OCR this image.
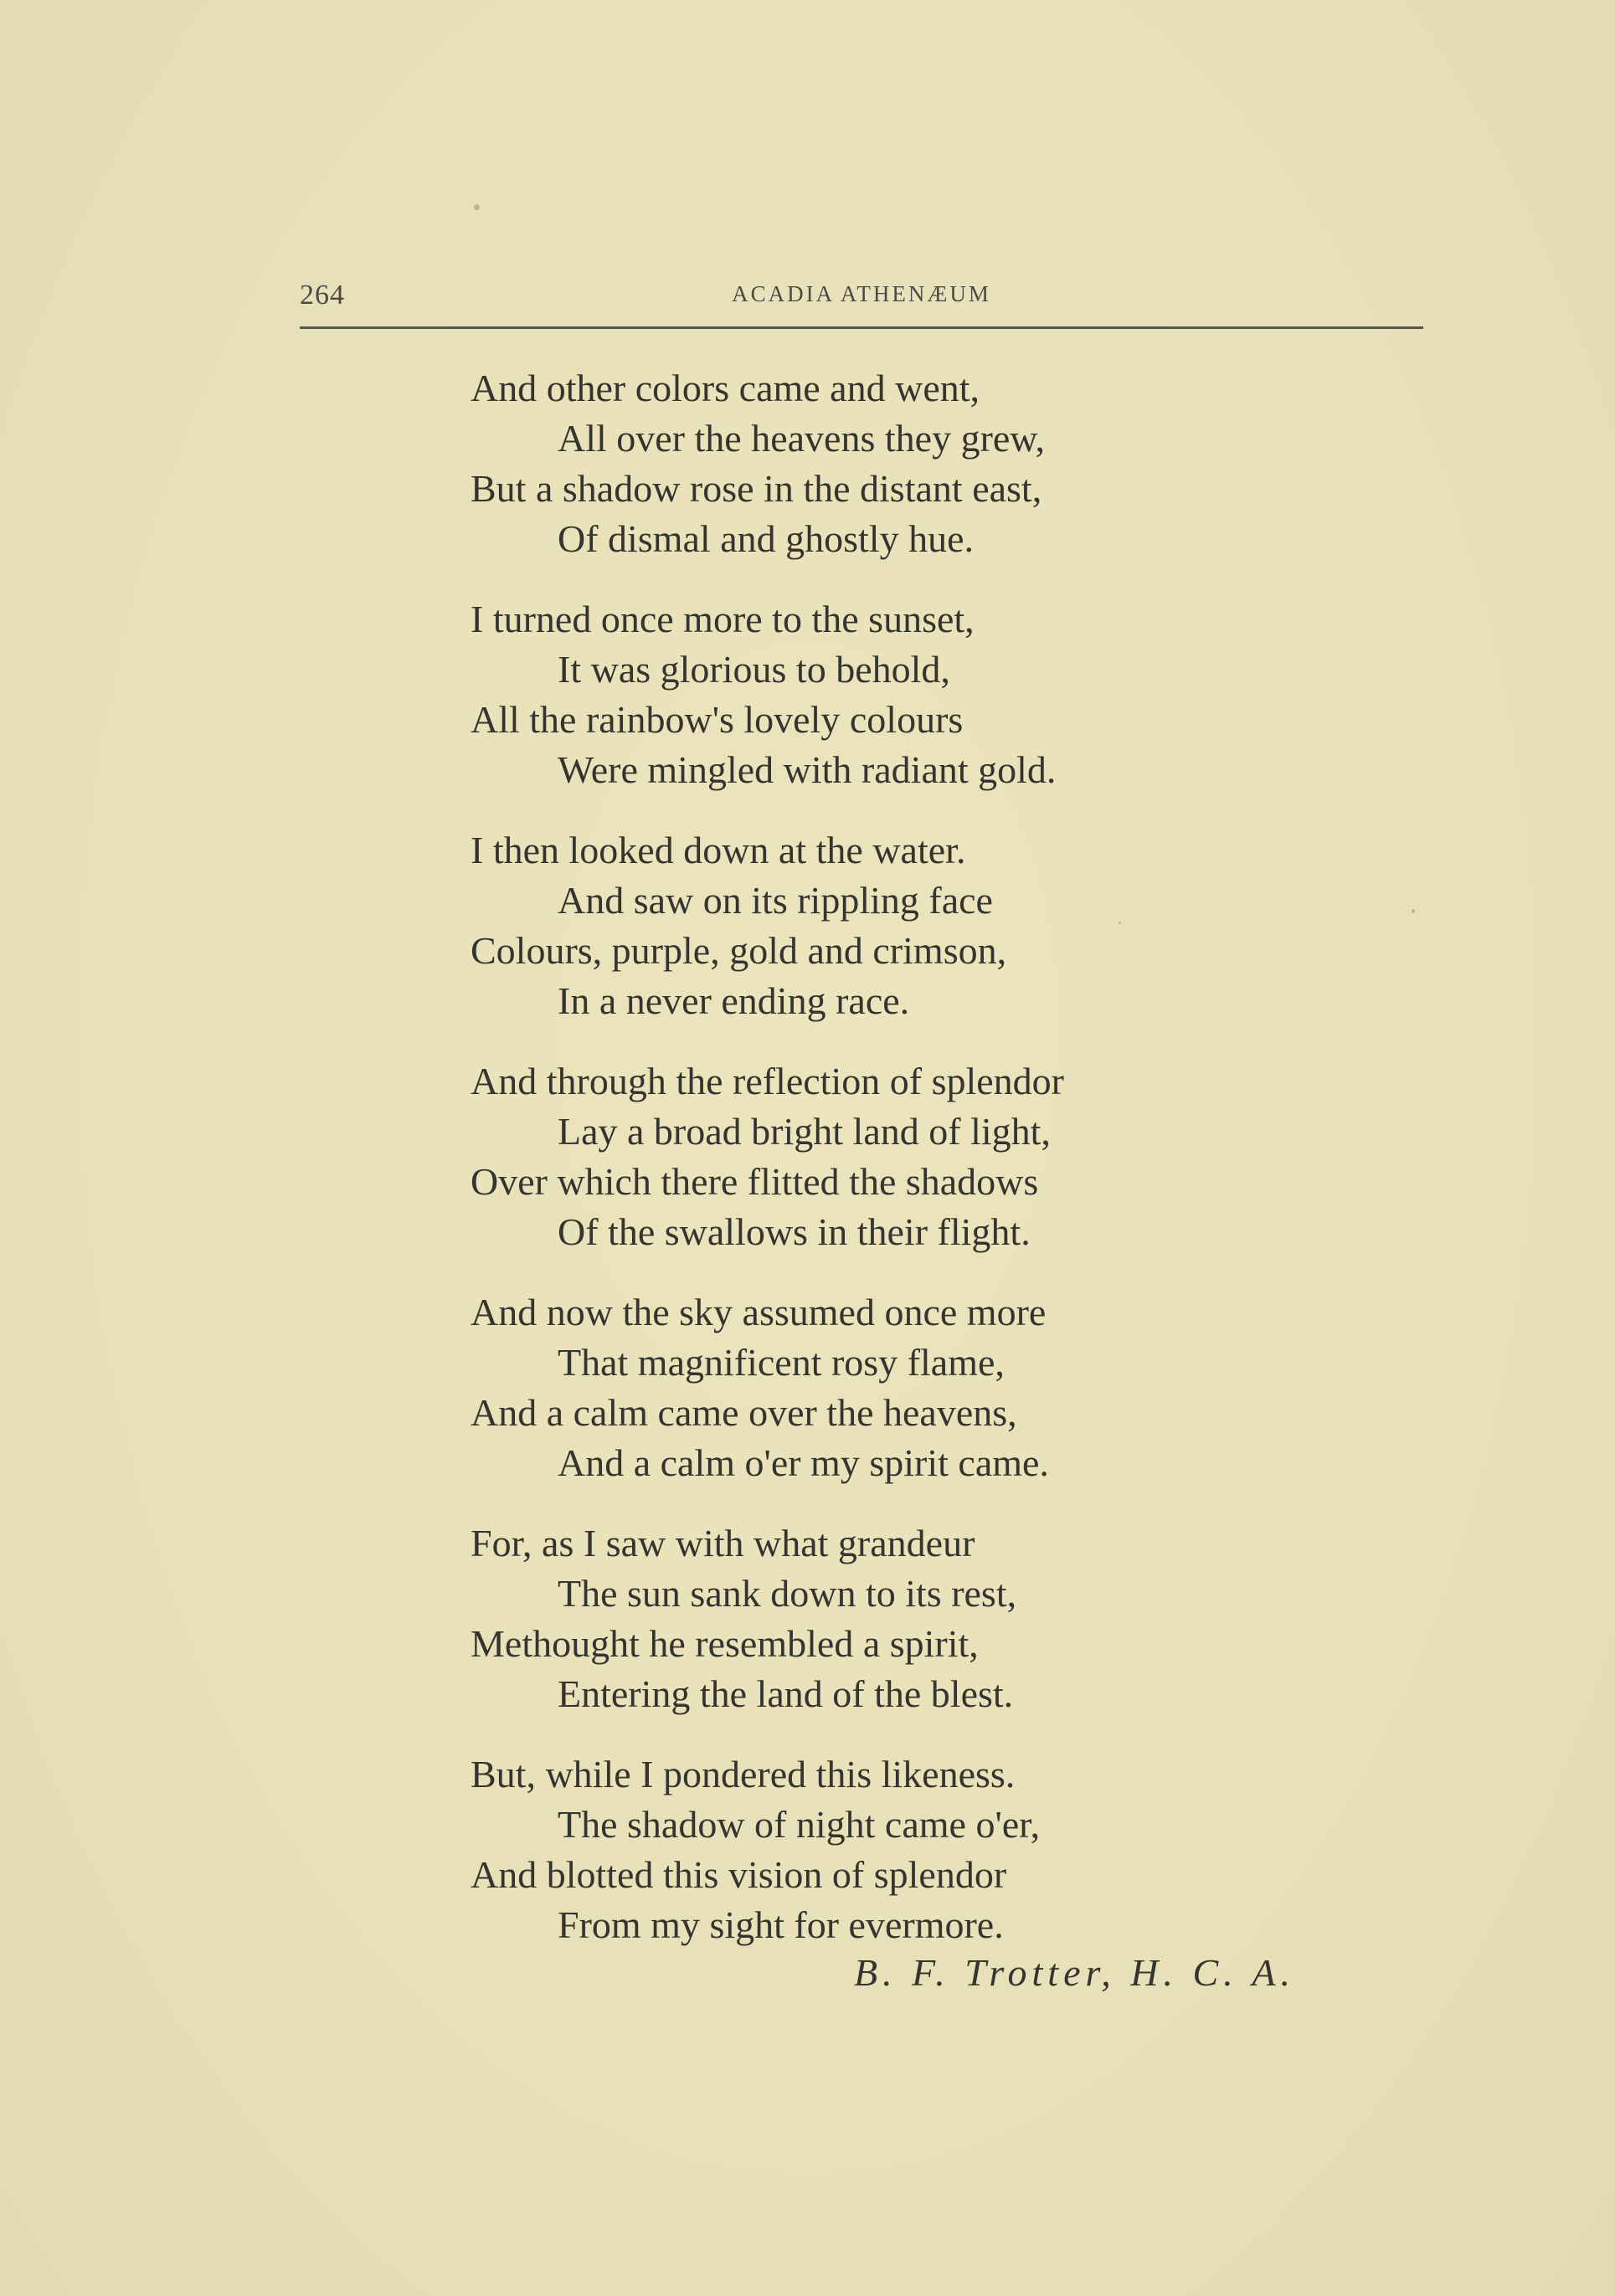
264	ACADIA ATHENÆUM
And other colors came and went,
All over the heavens they grew,
But a shadow rose in the distant east,
Of dismal and ghostly hue.
I turned once more to the sunset,
It was glorious to behold,
All the rainbow's lovely colours
Were mingled with radiant gold.
I then looked down at the water.
And saw on its rippling face
Colours, purple, gold and crimson,
In a never ending race.
And through the reflection of splendor
Lay a broad bright land of light,
Over which there flitted the shadows
Of the swallows in their flight.
And now the sky assumed once more
That magnificent rosy flame,
And a calm came over the heavens,
And a calm o'er my spirit came.
For, as I saw with what grandeur
The sun sank down to its rest,
Methought he resembled a spirit,
Entering the land of the blest.
But, while I pondered this likeness.
The shadow of night came o'er,
And blotted this vision of splendor
From my sight for evermore.
B. F. Trotter, H. C. A.
